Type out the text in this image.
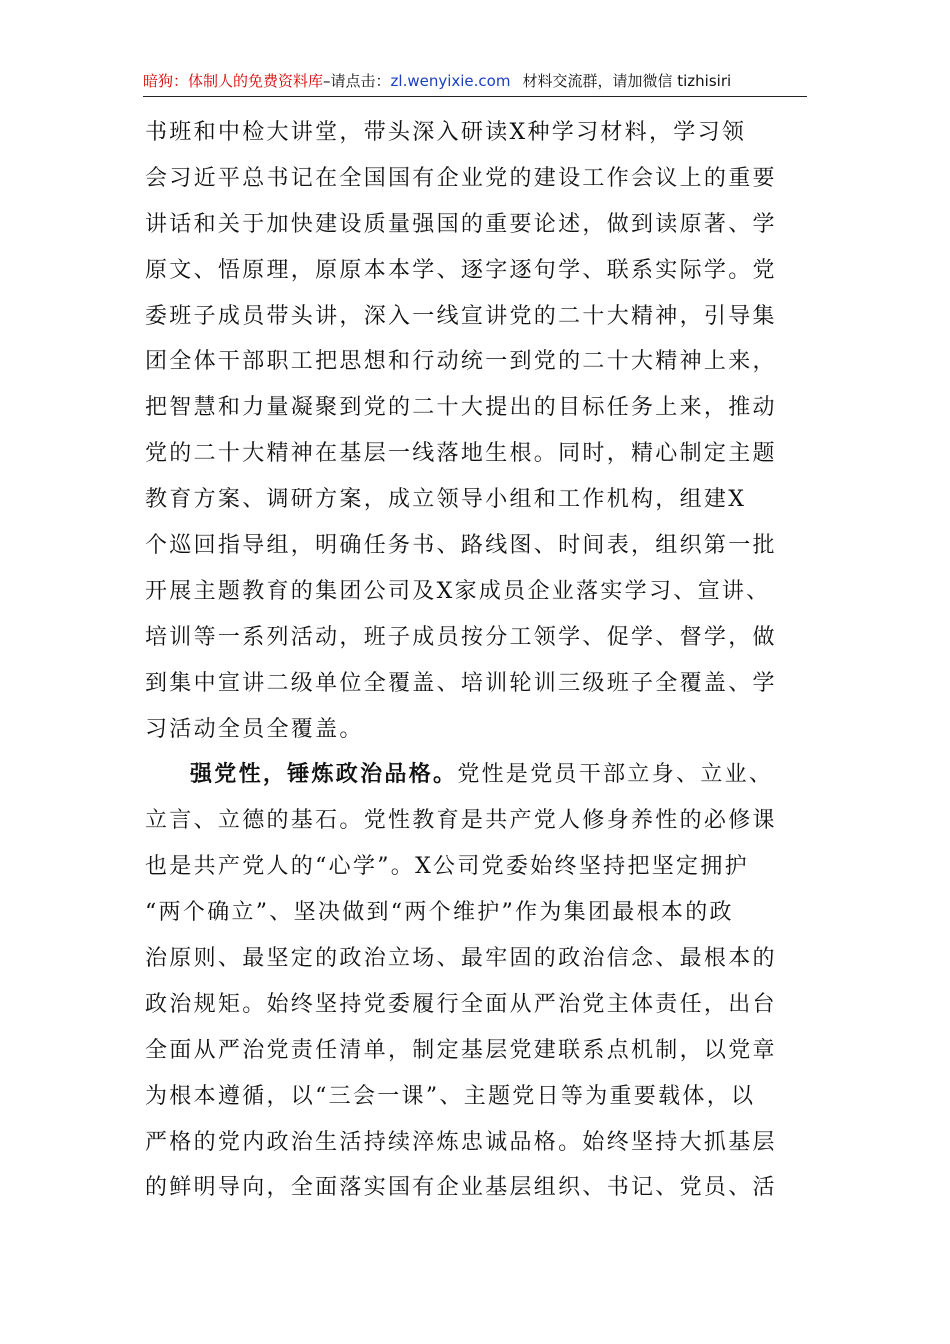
暗狗：体制人的免费资料库–请点击：zl.wenyixie.com 材料交流群，请加微信 tizhisiri
书班和中检大讲堂，带头深入研读X种学习材料，学习领
会习近平总书记在全国国有企业党的建设工作会议上的重要
讲话和关于加快建设质量强国的重要论述，做到读原著、学
原文、悟原理，原原本本学、逐字逐句学、联系实际学。党
委班子成员带头讲，深入一线宣讲党的二十大精神，引导集
团全体干部职工把思想和行动统一到党的二十大精神上来，
把智慧和力量凝聚到党的二十大提出的目标任务上来，推动
党的二十大精神在基层一线落地生根。同时，精心制定主题
教育方案、调研方案，成立领导小组和工作机构，组建X
个巡回指导组，明确任务书、路线图、时间表，组织第一批
开展主题教育的集团公司及X家成员企业落实学习、宣讲、
培训等一系列活动，班子成员按分工领学、促学、督学，做
到集中宣讲二级单位全覆盖、培训轮训三级班子全覆盖、学
习活动全员全覆盖。
强党性，锤炼政治品格。党性是党员干部立身、立业、
立言、立德的基石。党性教育是共产党人修身养性的必修课
也是共产党人的“心学”。X公司党委始终坚持把坚定拥护
“两个确立”、坚决做到“两个维护”作为集团最根本的政
治原则、最坚定的政治立场、最牢固的政治信念、最根本的
政治规矩。始终坚持党委履行全面从严治党主体责任，出台
全面从严治党责任清单，制定基层党建联系点机制，以党章
为根本遵循，以“三会一课”、主题党日等为重要载体，以
严格的党内政治生活持续淬炼忠诚品格。始终坚持大抓基层
的鲜明导向，全面落实国有企业基层组织、书记、党员、活
